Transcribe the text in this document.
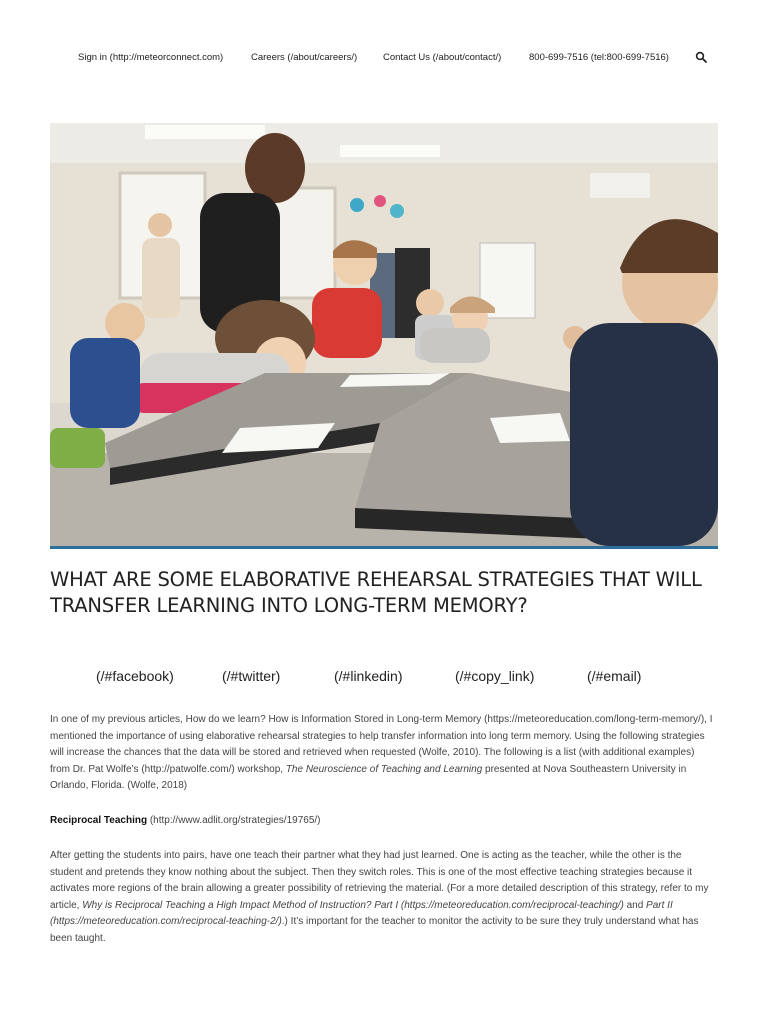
Sign in (http://meteorconnect.com)	Careers (/about/careers/)	Contact Us (/about/contact/)	800-699-7516 (tel:800-699-7516)
WHAT ARE SOME ELABORATIVE REHEARSAL STRATEGIES THAT WILL TRANSFER LEARNING INTO LONG-TERM MEMORY?
(/#facebook)	(/#twitter)	(/#linkedin)	(/#copy_link)	(/#email)

In one of my previous articles, How do we learn? How is Information Stored in Long-term Memory (https://meteoreducation.com/long-term-memory/), I mentioned the importance of using elaborative rehearsal strategies to help transfer information into long term memory. Using the following strategies will increase the chances that the data will be stored and retrieved when requested (Wolfe, 2010). The following is a list (with additional examples) from Dr. Pat Wolfe’s (http://patwolfe.com/) workshop, The Neuroscience of Teaching and Learning presented at Nova Southeastern University in Orlando, Florida. (Wolfe, 2018)

Reciprocal Teaching (http://www.adlit.org/strategies/19765/)

After getting the students into pairs, have one teach their partner what they had just learned. One is acting as the teacher, while the other is the student and pretends they know nothing about the subject. Then they switch roles. This is one of the most effective teaching strategies because it activates more regions of the brain allowing a greater possibility of retrieving the material. (For a more detailed description of this strategy, refer to my article, Why is Reciprocal Teaching a High Impact Method of Instruction? Part I (https://meteoreducation.com/reciprocal-teaching/) and Part II (https://meteoreducation.com/reciprocal-teaching-2/).) It’s important for the teacher to monitor the activity to be sure they truly understand what has been taught.
